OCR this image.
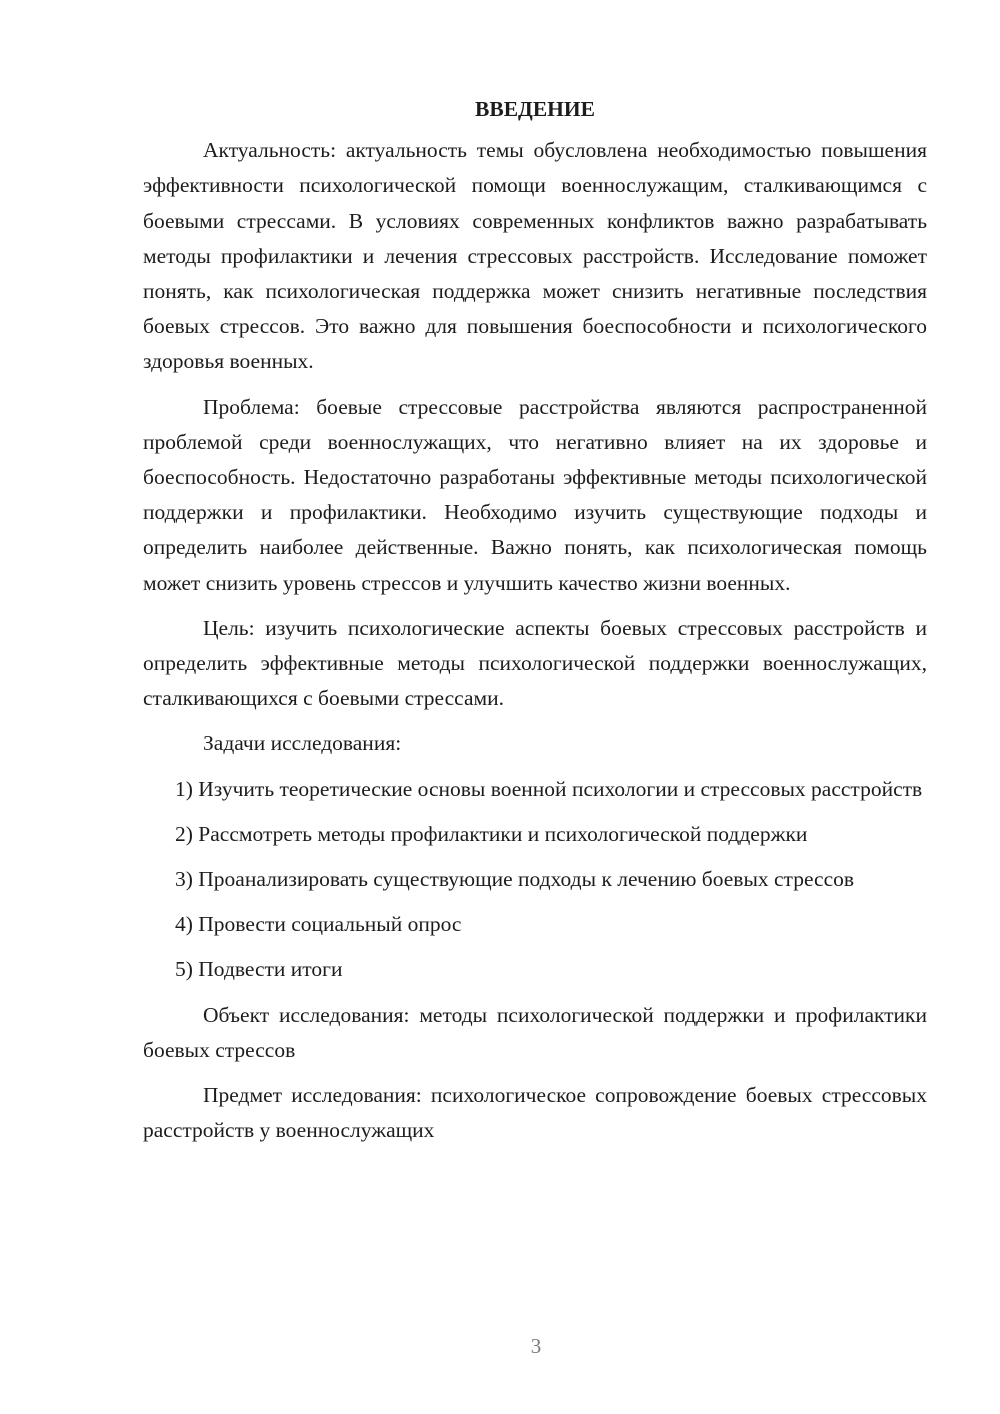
ВВЕДЕНИЕ

Актуальность: актуальность темы обусловлена необходимостью повышения эффективности психологической помощи военнослужащим, сталкивающимся с боевыми стрессами. В условиях современных конфликтов важно разрабатывать методы профилактики и лечения стрессовых расстройств. Исследование поможет понять, как психологическая поддержка может снизить негативные последствия боевых стрессов. Это важно для повышения боеспособности и психологического здоровья военных.

Проблема: боевые стрессовые расстройства являются распространенной проблемой среди военнослужащих, что негативно влияет на их здоровье и боеспособность. Недостаточно разработаны эффективные методы психологической поддержки и профилактики. Необходимо изучить существующие подходы и определить наиболее действенные. Важно понять, как психологическая помощь может снизить уровень стрессов и улучшить качество жизни военных.

Цель: изучить психологические аспекты боевых стрессовых расстройств и определить эффективные методы психологической поддержки военнослужащих, сталкивающихся с боевыми стрессами.

Задачи исследования:

1) Изучить теоретические основы военной психологии и стрессовых расстройств

2) Рассмотреть методы профилактики и психологической поддержки

3) Проанализировать существующие подходы к лечению боевых стрессов

4) Провести социальный опрос

5) Подвести итоги

Объект исследования: методы психологической поддержки и профилактики боевых стрессов

Предмет исследования: психологическое сопровождение боевых стрессовых расстройств у военнослужащих

3
